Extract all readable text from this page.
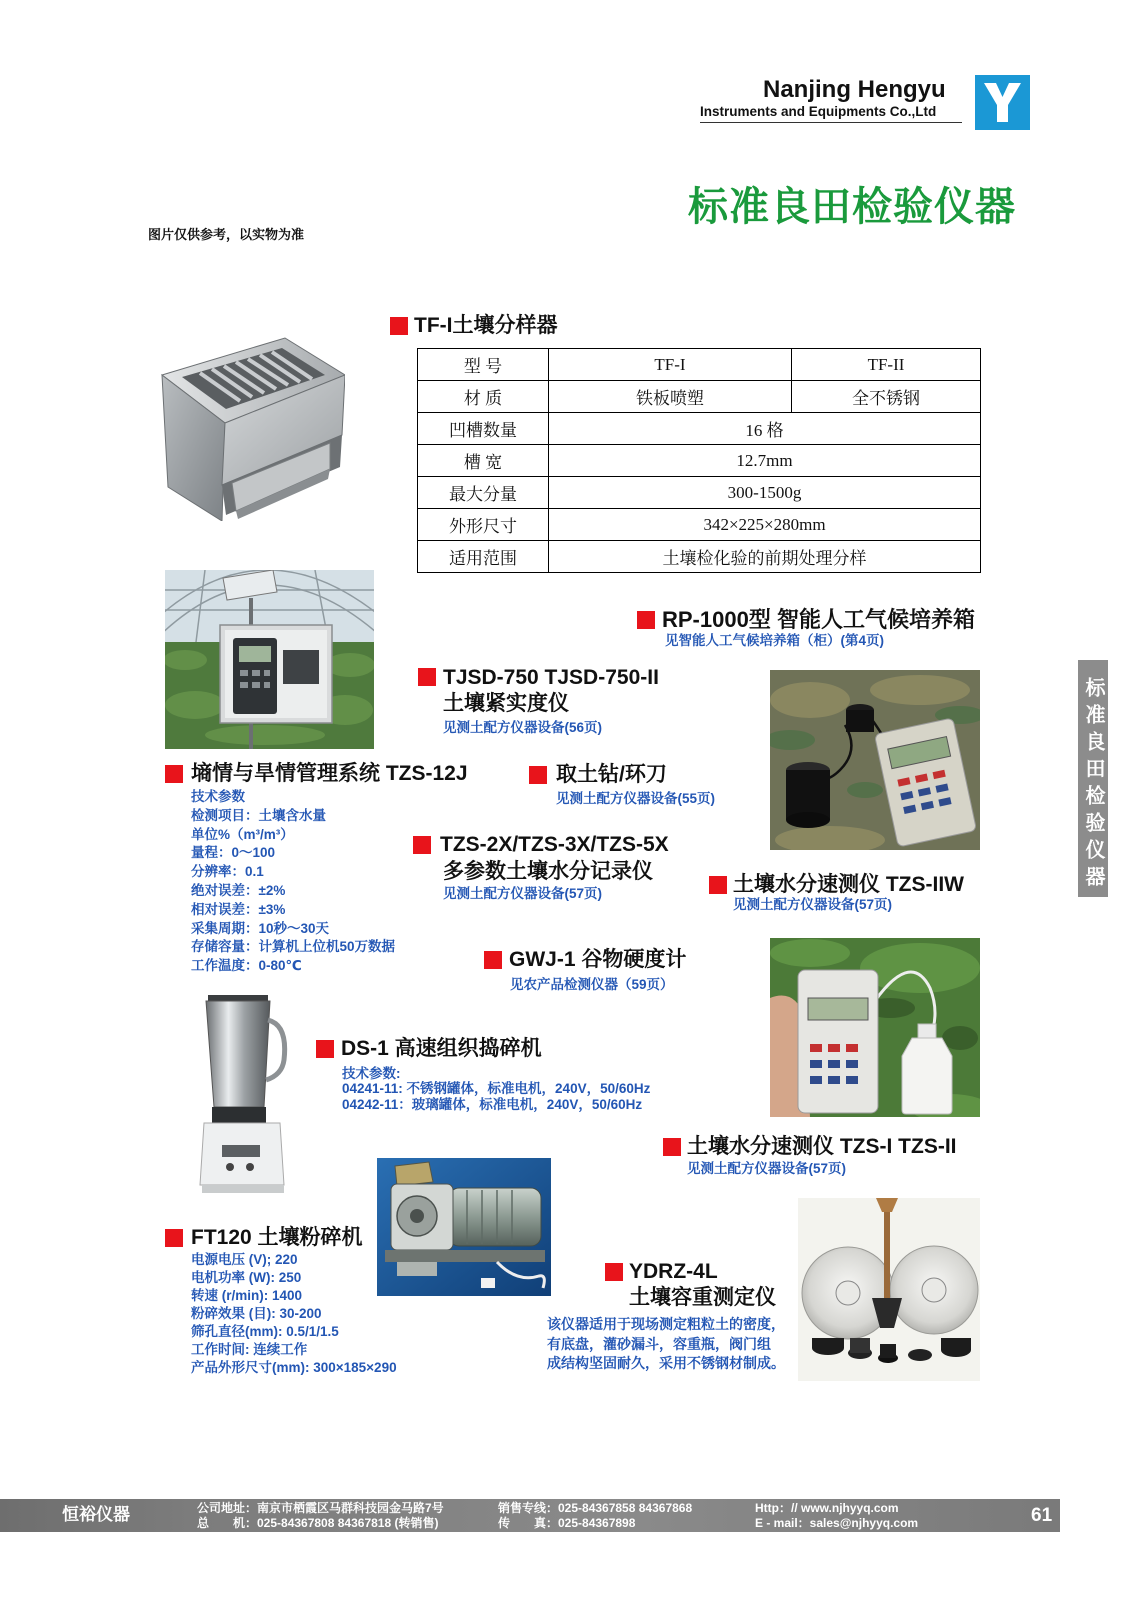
Nanjing Hengyu
Instruments and Equipments Co.,Ltd
标准良田检验仪器
图片仅供参考，以实物为准
标准良田检验仪器
TF-I土壤分样器
型 号	TF-I	TF-II
材 质	铁板喷塑	全不锈钢
凹槽数量	16 格	
槽 宽	12.7mm	
最大分量	300-1500g	
外形尺寸	342×225×280mm	
适用范围	土壤检化验的前期处理分样	
RP-1000型 智能人工气候培养箱
见智能人工气候培养箱（柜）(第4页)
TJSD-750 TJSD-750-II
土壤紧实度仪
见测土配方仪器设备(56页)
墒情与旱情管理系统 TZS-12J
技术参数
检测项目：土壤含水量
单位%（m³/m³）
量程：0～100
分辨率：0.1
绝对误差：±2%
相对误差：±3%
采集周期：10秒～30天
存储容量：计算机上位机50万数据
工作温度：0-80℃
取土钻/环刀
见测土配方仪器设备(55页)
TZS-2X/TZS-3X/TZS-5X
多参数土壤水分记录仪
见测土配方仪器设备(57页)	土壤水分速测仪 TZS-IIW
见测土配方仪器设备(57页)
GWJ-1 谷物硬度计
见农产品检测仪器（59页）
DS-1 高速组织捣碎机
技术参数:
04241-11: 不锈钢罐体，标准电机，240V，50/60Hz
04242-11：玻璃罐体，标准电机，240V，50/60Hz
土壤水分速测仪 TZS-I TZS-II
见测土配方仪器设备(57页)
FT120 土壤粉碎机
电源电压 (V); 220
电机功率 (W): 250
转速 (r/min): 1400
粉碎效果 (目): 30-200
筛孔直径(mm): 0.5/1/1.5
工作时间: 连续工作
产品外形尺寸(mm): 300×185×290
YDRZ-4L
土壤容重测定仪
该仪器适用于现场测定粗粒土的密度，
有底盘，灌砂漏斗，容重瓶，阀门组
成结构坚固耐久，采用不锈钢材制成。
恒裕仪器	公司地址：南京市栖霞区马群科技园金马路7号
总　　机：025-84367808 84367818 (转销售)
销售专线：025-84367858 84367868
传　　真：025-84367898
Http：// www.njhyyq.com
E - mail：sales@njhyyq.com	61
